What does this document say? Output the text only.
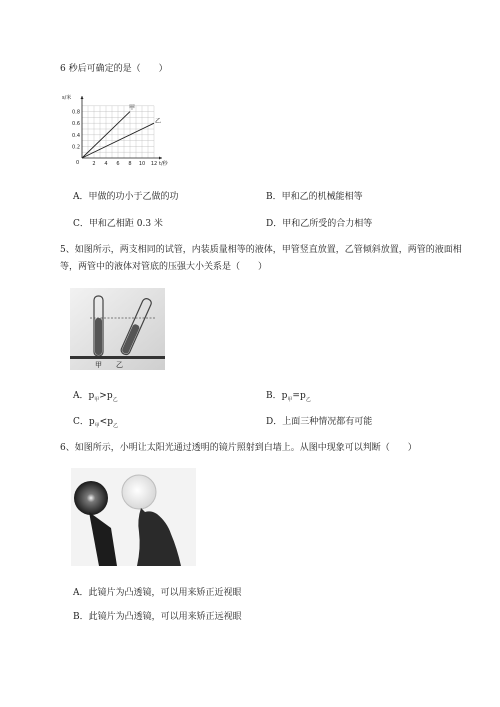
6 秒后可确定的是（　　）
0	2 4 6 8 10 12
0.2
0.4
0.6
0.8
t/秒
s/米
甲
乙
A．甲做的功小于乙做的功	B．甲和乙的机械能相等
C．甲和乙相距 0.3 米	D．甲和乙所受的合力相等
5、如图所示，两支相同的试管，内装质量相等的液体，甲管竖直放置，乙管倾斜放置，两管的液面相
等，两管中的液体对管底的压强大小关系是（　　）
甲 乙
A．$p_甲>p_乙$	B．$p_甲=p_乙$
C．$p_甲<p_乙$	D．上面三种情况都有可能
6、如图所示，小明让太阳光通过透明的镜片照射到白墙上。从图中现象可以判断（　　）
A．此镜片为凸透镜，可以用来矫正近视眼
B．此镜片为凸透镜，可以用来矫正远视眼
